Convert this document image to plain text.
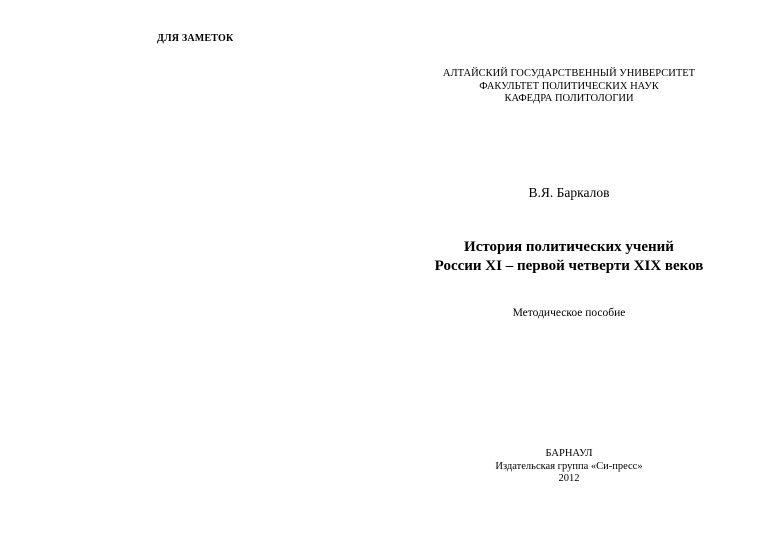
ДЛЯ ЗАМЕТОК
АЛТАЙСКИЙ ГОСУДАРСТВЕННЫЙ УНИВЕРСИТЕТ
ФАКУЛЬТЕТ ПОЛИТИЧЕСКИХ НАУК
КАФЕДРА ПОЛИТОЛОГИИ
В.Я. Баркалов
История политических учений
России XI – первой четверти XIX веков
Методическое пособие
БАРНАУЛ
Издательская группа «Си-пресс»
2012
